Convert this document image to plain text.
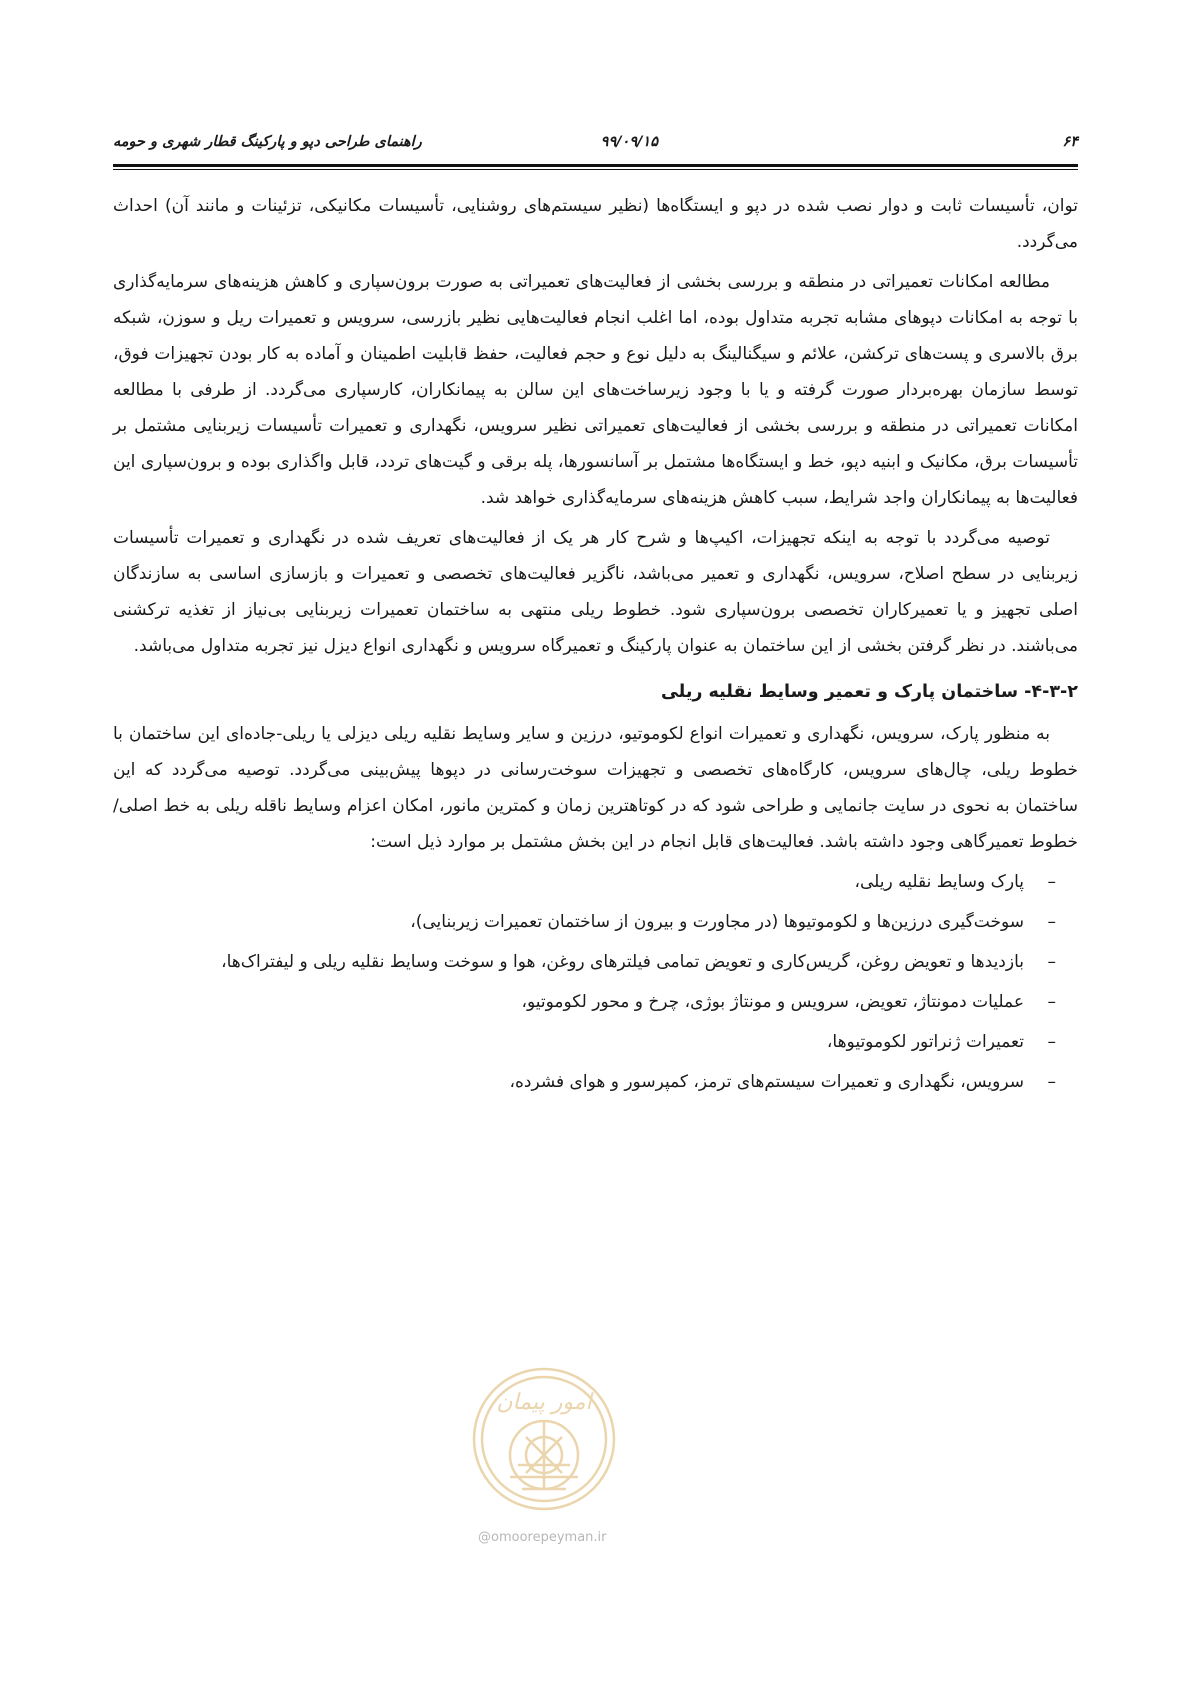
۶۴
۹۹/۰۹/۱۵
راهنمای طراحی دپو و پارکینگ قطار شهری و حومه

توان، تأسیسات ثابت و دوار نصب شده در دپو و ایستگاه‌ها (نظیر سیستم‌های روشنایی، تأسیسات مکانیکی، تزئینات و مانند آن) احداث می‌گردد.

مطالعه امکانات تعمیراتی در منطقه و بررسی بخشی از فعالیت‌های تعمیراتی به صورت برون‌سپاری و کاهش هزینه‌های سرمایه‌گذاری با توجه به امکانات دپوهای مشابه تجربه متداول بوده، اما اغلب انجام فعالیت‌هایی نظیر بازرسی، سرویس و تعمیرات ریل و سوزن، شبکه برق بالاسری و پست‌های ترکشن، علائم و سیگنالینگ به دلیل نوع و حجم فعالیت، حفظ قابلیت اطمینان و آماده به کار بودن تجهیزات فوق، توسط سازمان بهره‌بردار صورت گرفته و یا با وجود زیرساخت‌های این سالن به پیمانکاران، کارسپاری می‌گردد. از طرفی با مطالعه امکانات تعمیراتی در منطقه و بررسی بخشی از فعالیت‌های تعمیراتی نظیر سرویس، نگهداری و تعمیرات تأسیسات زیربنایی مشتمل بر تأسیسات برق، مکانیک و ابنیه دپو، خط و ایستگاه‌ها مشتمل بر آسانسورها، پله برقی و گیت‌های تردد، قابل واگذاری بوده و برون‌سپاری این فعالیت‌ها به پیمانکاران واجد شرایط، سبب کاهش هزینه‌های سرمایه‌گذاری خواهد شد.

توصیه می‌گردد با توجه به اینکه تجهیزات، اکیپ‌ها و شرح کار هر یک از فعالیت‌های تعریف شده در نگهداری و تعمیرات تأسیسات زیربنایی در سطح اصلاح، سرویس، نگهداری و تعمیر می‌باشد، ناگزیر فعالیت‌های تخصصی و تعمیرات و بازسازی اساسی به سازندگان اصلی تجهیز و یا تعمیرکاران تخصصی برون‌سپاری شود. خطوط ریلی منتهی به ساختمان تعمیرات زیربنایی بی‌نیاز از تغذیه ترکشنی می‌باشند. در نظر گرفتن بخشی از این ساختمان به عنوان پارکینگ و تعمیرگاه سرویس و نگهداری انواع دیزل نیز تجربه متداول می‌باشد.

۴-۳-۲- ساختمان پارک و تعمیر وسایط نقلیه ریلی

به منظور پارک، سرویس، نگهداری و تعمیرات انواع لکوموتیو، درزین و سایر وسایط نقلیه ریلی دیزلی یا ریلی-جاده‌ای این ساختمان با خطوط ریلی، چال‌های سرویس، کارگاه‌های تخصصی و تجهیزات سوخت‌رسانی در دپوها پیش‌بینی می‌گردد. توصیه می‌گردد که این ساختمان به نحوی در سایت جانمایی و طراحی شود که در کوتاهترین زمان و کمترین مانور، امکان اعزام وسایط ناقله ریلی به خط اصلی/ خطوط تعمیرگاهی وجود داشته باشد. فعالیت‌های قابل انجام در این بخش مشتمل بر موارد ذیل است:

–
پارک وسایط نقلیه ریلی،
–
سوخت‌گیری درزین‌ها و لکوموتیوها (در مجاورت و بیرون از ساختمان تعمیرات زیربنایی)،
–
بازدیدها و تعویض روغن، گریس‌کاری و تعویض تمامی فیلترهای روغن، هوا و سوخت وسایط نقلیه ریلی و لیفتراک‌ها،
–
عملیات دمونتاژ، تعویض، سرویس و مونتاژ بوژی، چرخ و محور لکوموتیو،
–
تعمیرات ژنراتور لکوموتیوها،
–
سرویس، نگهداری و تعمیرات سیستم‌های ترمز، کمپرسور و هوای فشرده،
امور پیمان
@omoorepeyman.ir
